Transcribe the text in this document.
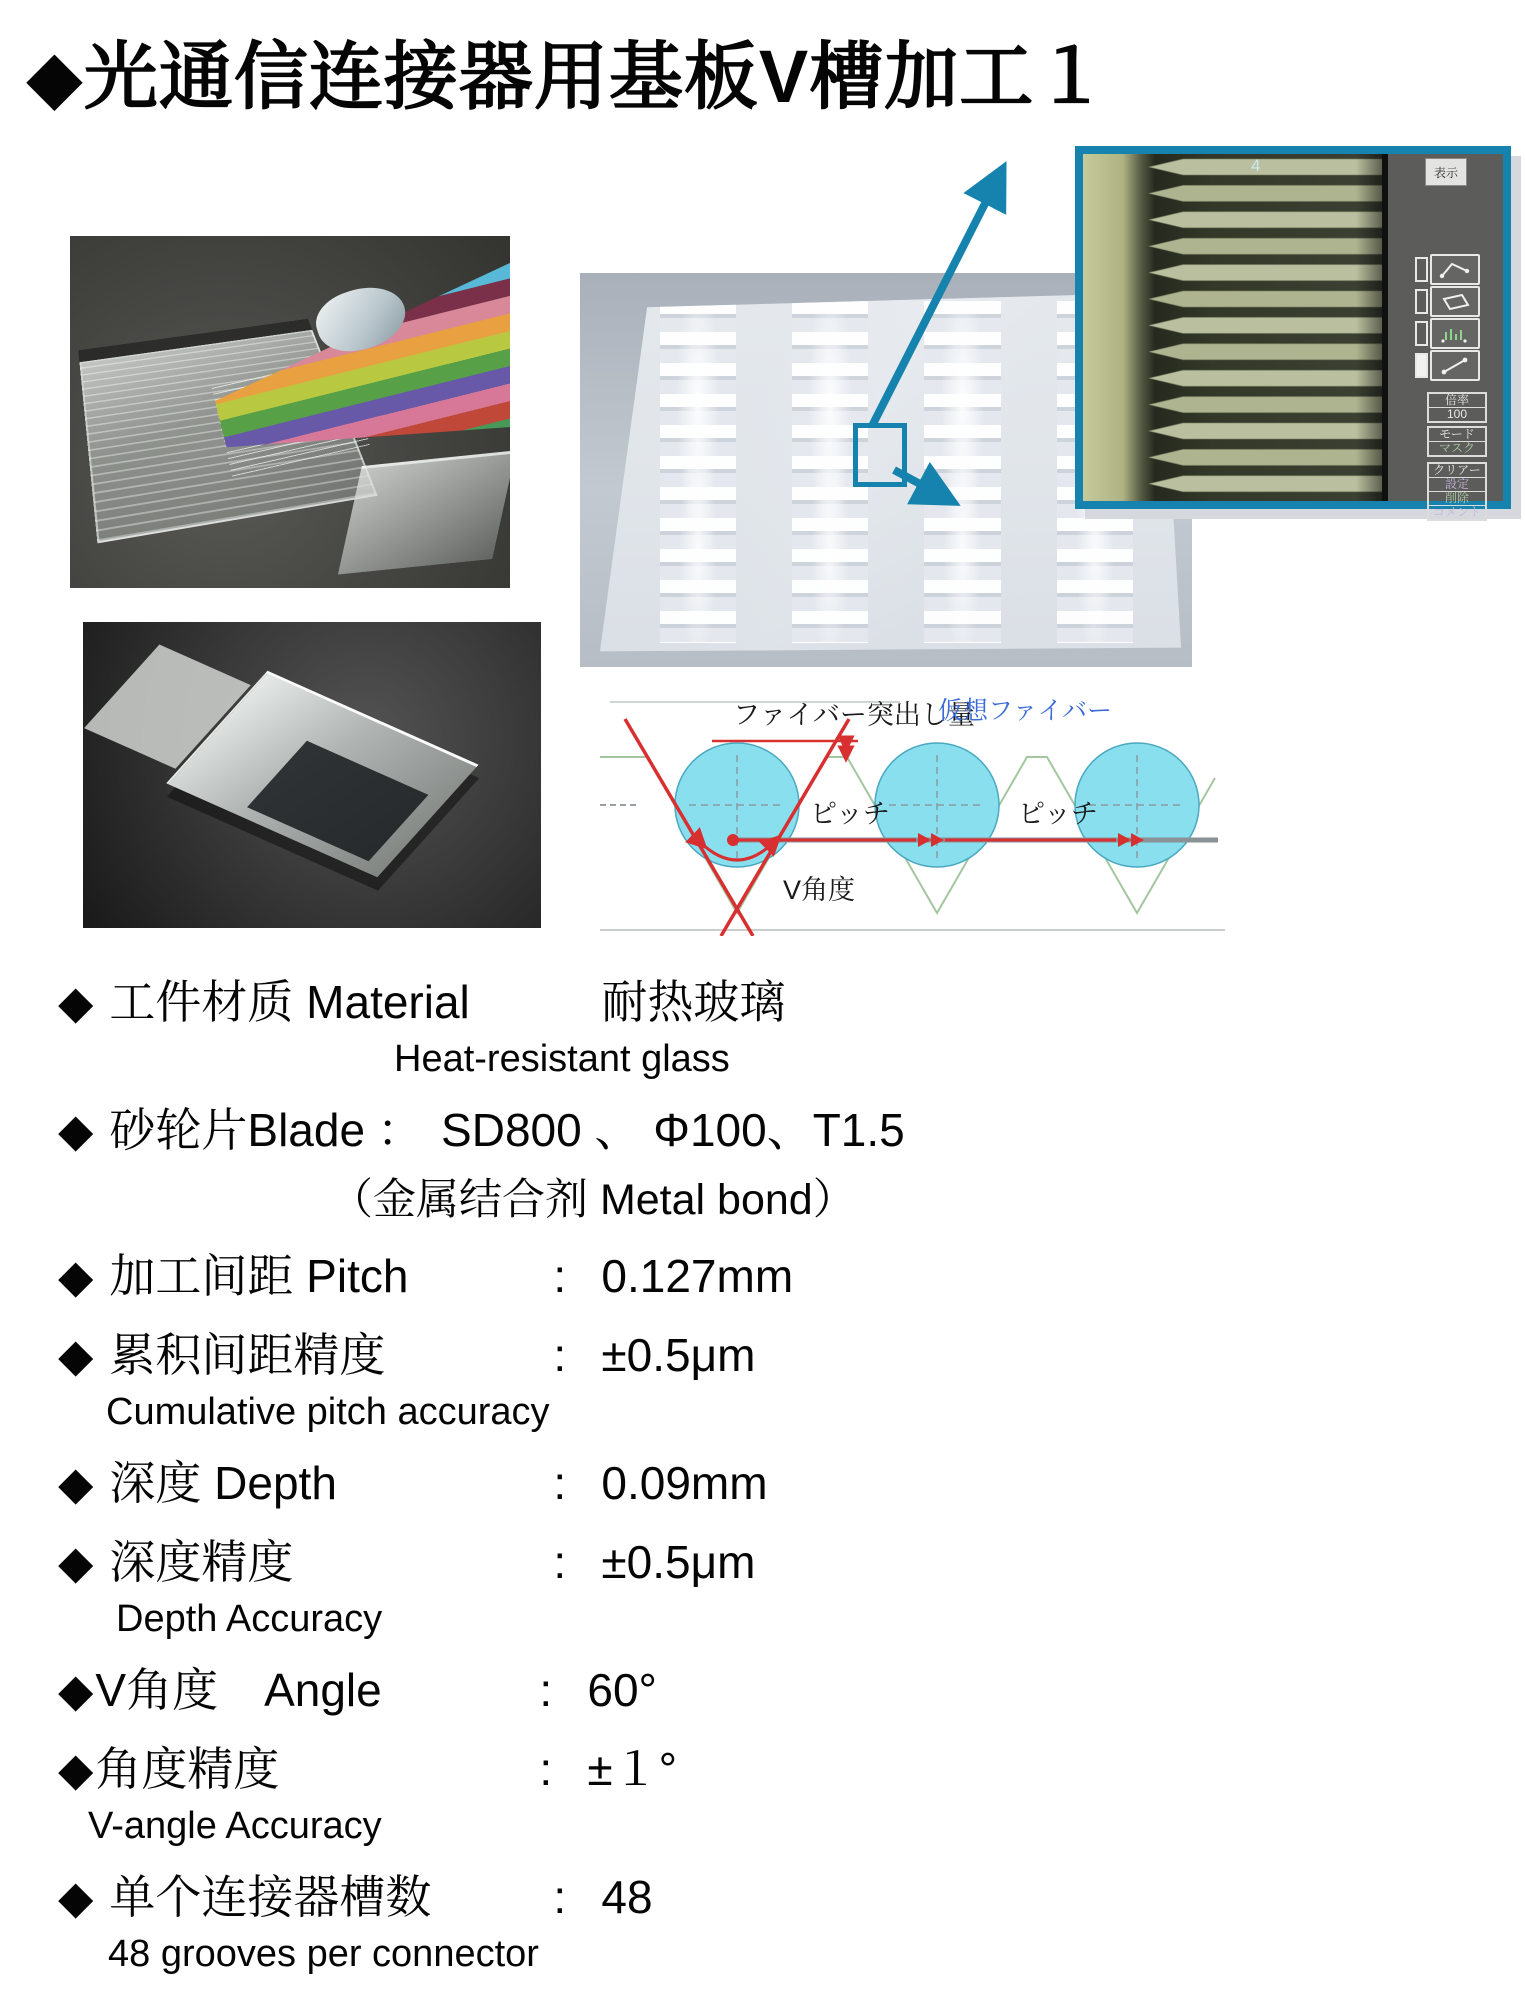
◆光通信连接器用基板V槽加工１
4	表示
倍率
100
モード
マスク
クリアー
設定
削除
コメント
ファイバー突出し量
仮想ファイバー
ピッチ	ピッチ
V角度
◆ 工件材质 Material	耐热玻璃
Heat-resistant glass
◆ 砂轮片Blade ： SD800 、 Φ100、T1.5
（金属结合剂 Metal bond）
◆ 加工间距 Pitch	: 0.127mm
◆ 累积间距精度	: ±0.5μm
Cumulative pitch accuracy
◆ 深度 Depth	: 0.09mm
◆ 深度精度	: ±0.5μm
Depth Accuracy
◆ V角度　Angle	: 60°
◆ 角度精度	: ±１°
V-angle Accuracy
◆ 单个连接器槽数	: 48
48 grooves per connector
